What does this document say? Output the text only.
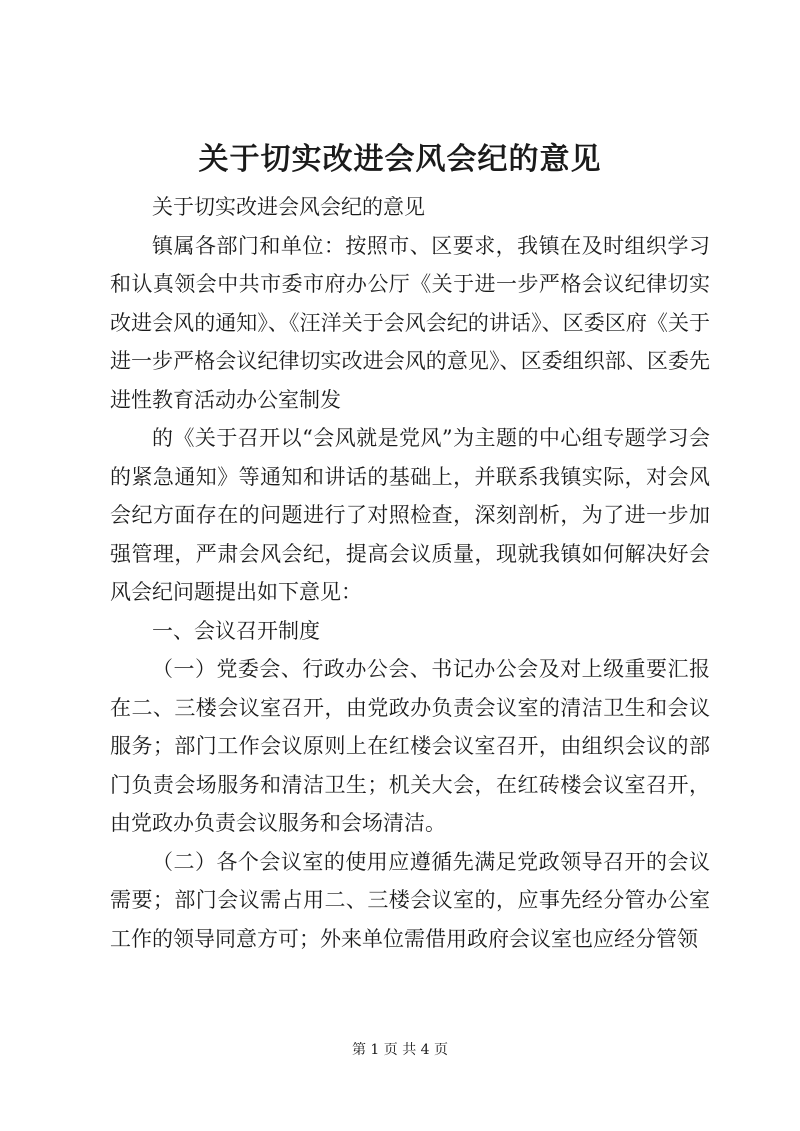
关于切实改进会风会纪的意见

关于切实改进会风会纪的意见

镇属各部门和单位：按照市、区要求，我镇在及时组织学习和认真领会中共市委市府办公厅《关于进一步严格会议纪律切实改进会风的通知》、《汪洋关于会风会纪的讲话》、区委区府《关于进一步严格会议纪律切实改进会风的意见》、区委组织部、区委先进性教育活动办公室制发

的《关于召开以“会风就是党风”为主题的中心组专题学习会的紧急通知》等通知和讲话的基础上，并联系我镇实际，对会风会纪方面存在的问题进行了对照检查，深刻剖析，为了进一步加强管理，严肃会风会纪，提高会议质量，现就我镇如何解决好会风会纪问题提出如下意见：

一、会议召开制度

（一）党委会、行政办公会、书记办公会及对上级重要汇报在二、三楼会议室召开，由党政办负责会议室的清洁卫生和会议服务；部门工作会议原则上在红楼会议室召开，由组织会议的部门负责会场服务和清洁卫生；机关大会，在红砖楼会议室召开，由党政办负责会议服务和会场清洁。

（二）各个会议室的使用应遵循先满足党政领导召开的会议需要；部门会议需占用二、三楼会议室的，应事先经分管办公室工作的领导同意方可；外来单位需借用政府会议室也应经分管领

第 1 页 共 4 页
